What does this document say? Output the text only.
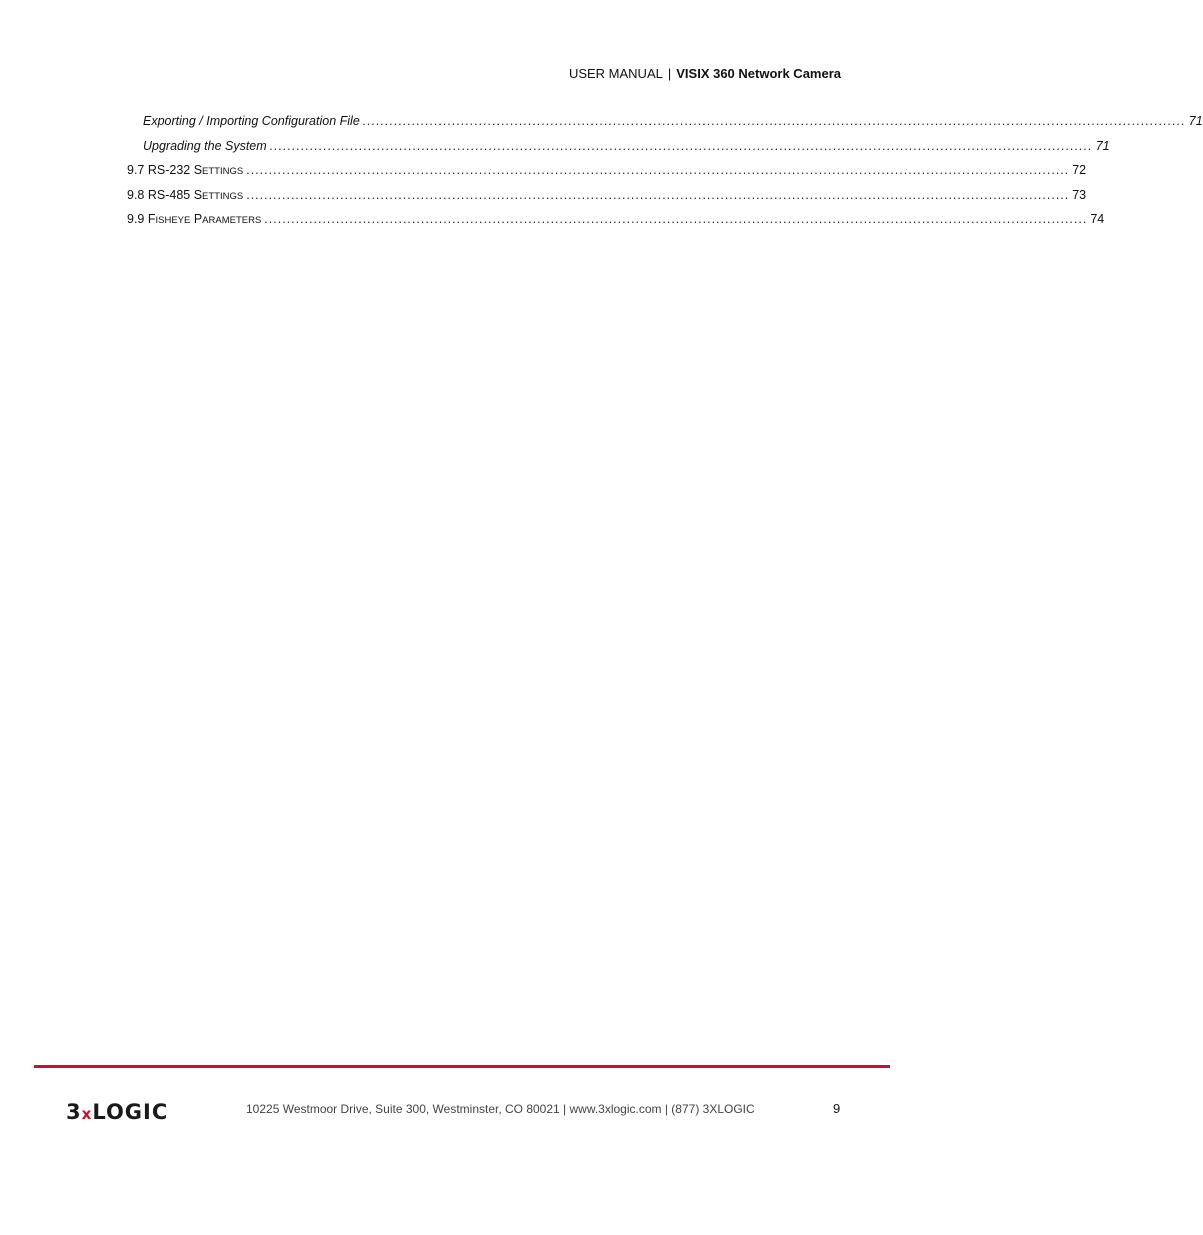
USER MANUAL | VISIX 360 Network Camera
Exporting / Importing Configuration File ........................................................................................................................................................................................ 71
Upgrading the System ........................................................................................................................................................................................ 71
9.7 RS-232 SETTINGS ........................................................................................................................................................................................ 72
9.8 RS-485 SETTINGS ........................................................................................................................................................................................ 73
9.9 FISHEYE PARAMETERS ........................................................................................................................................................................................ 74
3xLOGIC	10225 Westmoor Drive, Suite 300, Westminster, CO 80021 | www.3xlogic.com | (877) 3XLOGIC	9
